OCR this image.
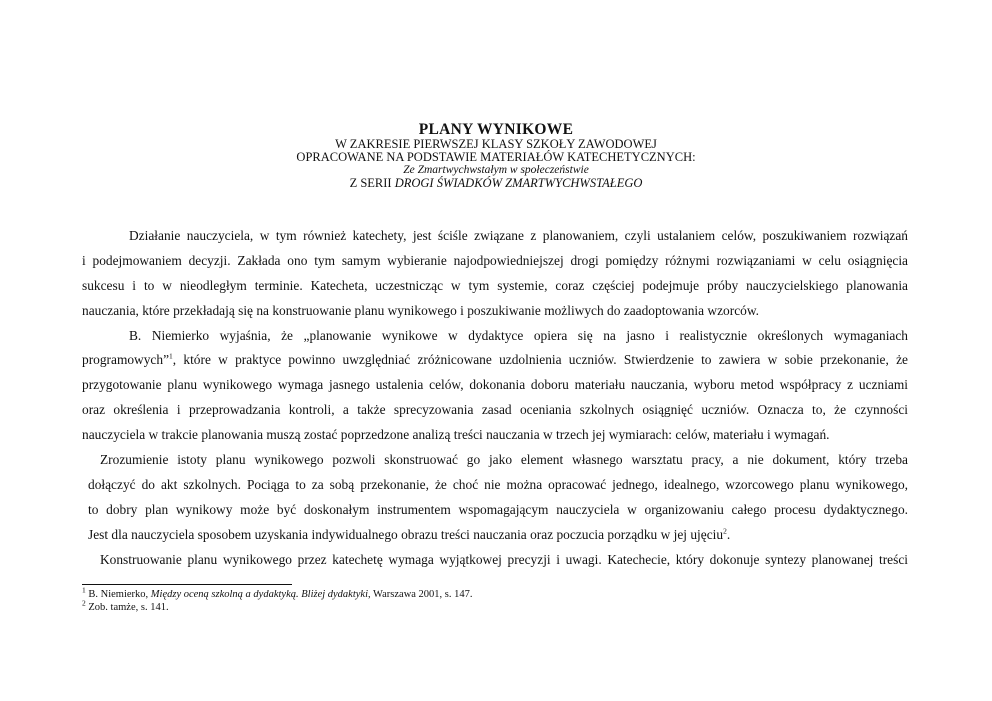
PLANY WYNIKOWE
W ZAKRESIE PIERWSZEJ KLASY SZKOŁY ZAWODOWEJ
OPRACOWANE NA PODSTAWIE MATERIAŁÓW KATECHETYCZNYCH:
Ze Zmartwychwstałym w społeczeństwie
Z SERII DROGI ŚWIADKÓW ZMARTWYCHWSTAŁEGO
Działanie nauczyciela, w tym również katechety, jest ściśle związane z planowaniem, czyli ustalaniem celów, poszukiwaniem rozwiązań
i podejmowaniem decyzji. Zakłada ono tym samym wybieranie najodpowiedniejszej drogi pomiędzy różnymi rozwiązaniami w celu osiągnięcia
sukcesu i to w nieodległym terminie. Katecheta, uczestnicząc w tym systemie, coraz częściej podejmuje próby nauczycielskiego planowania
nauczania, które przekładają się na konstruowanie planu wynikowego i poszukiwanie możliwych do zaadoptowania wzorców.
B. Niemierko wyjaśnia, że „planowanie wynikowe w dydaktyce opiera się na jasno i realistycznie określonych wymaganiach
programowych”$^1$, które w praktyce powinno uwzględniać zróżnicowane uzdolnienia uczniów. Stwierdzenie to zawiera w sobie przekonanie, że
przygotowanie planu wynikowego wymaga jasnego ustalenia celów, dokonania doboru materiału nauczania, wyboru metod współpracy z uczniami
oraz określenia i przeprowadzania kontroli, a także sprecyzowania zasad oceniania szkolnych osiągnięć uczniów. Oznacza to, że czynności
nauczyciela w trakcie planowania muszą zostać poprzedzone analizą treści nauczania w trzech jej wymiarach: celów, materiału i wymagań.
Zrozumienie istoty planu wynikowego pozwoli skonstruować go jako element własnego warsztatu pracy, a nie dokument, który trzeba
dołączyć do akt szkolnych. Pociąga to za sobą przekonanie, że choć nie można opracować jednego, idealnego, wzorcowego planu wynikowego,
to dobry plan wynikowy może być doskonałym instrumentem wspomagającym nauczyciela w organizowaniu całego procesu dydaktycznego.
Jest dla nauczyciela sposobem uzyskania indywidualnego obrazu treści nauczania oraz poczucia porządku w jej ujęciu$^2$.
Konstruowanie planu wynikowego przez katechetę wymaga wyjątkowej precyzji i uwagi. Katechecie, który dokonuje syntezy planowanej treści
$^1$ B. Niemierko, Między oceną szkolną a dydaktyką. Bliżej dydaktyki, Warszawa 2001, s. 147.
$^2$ Zob. tamże, s. 141.
